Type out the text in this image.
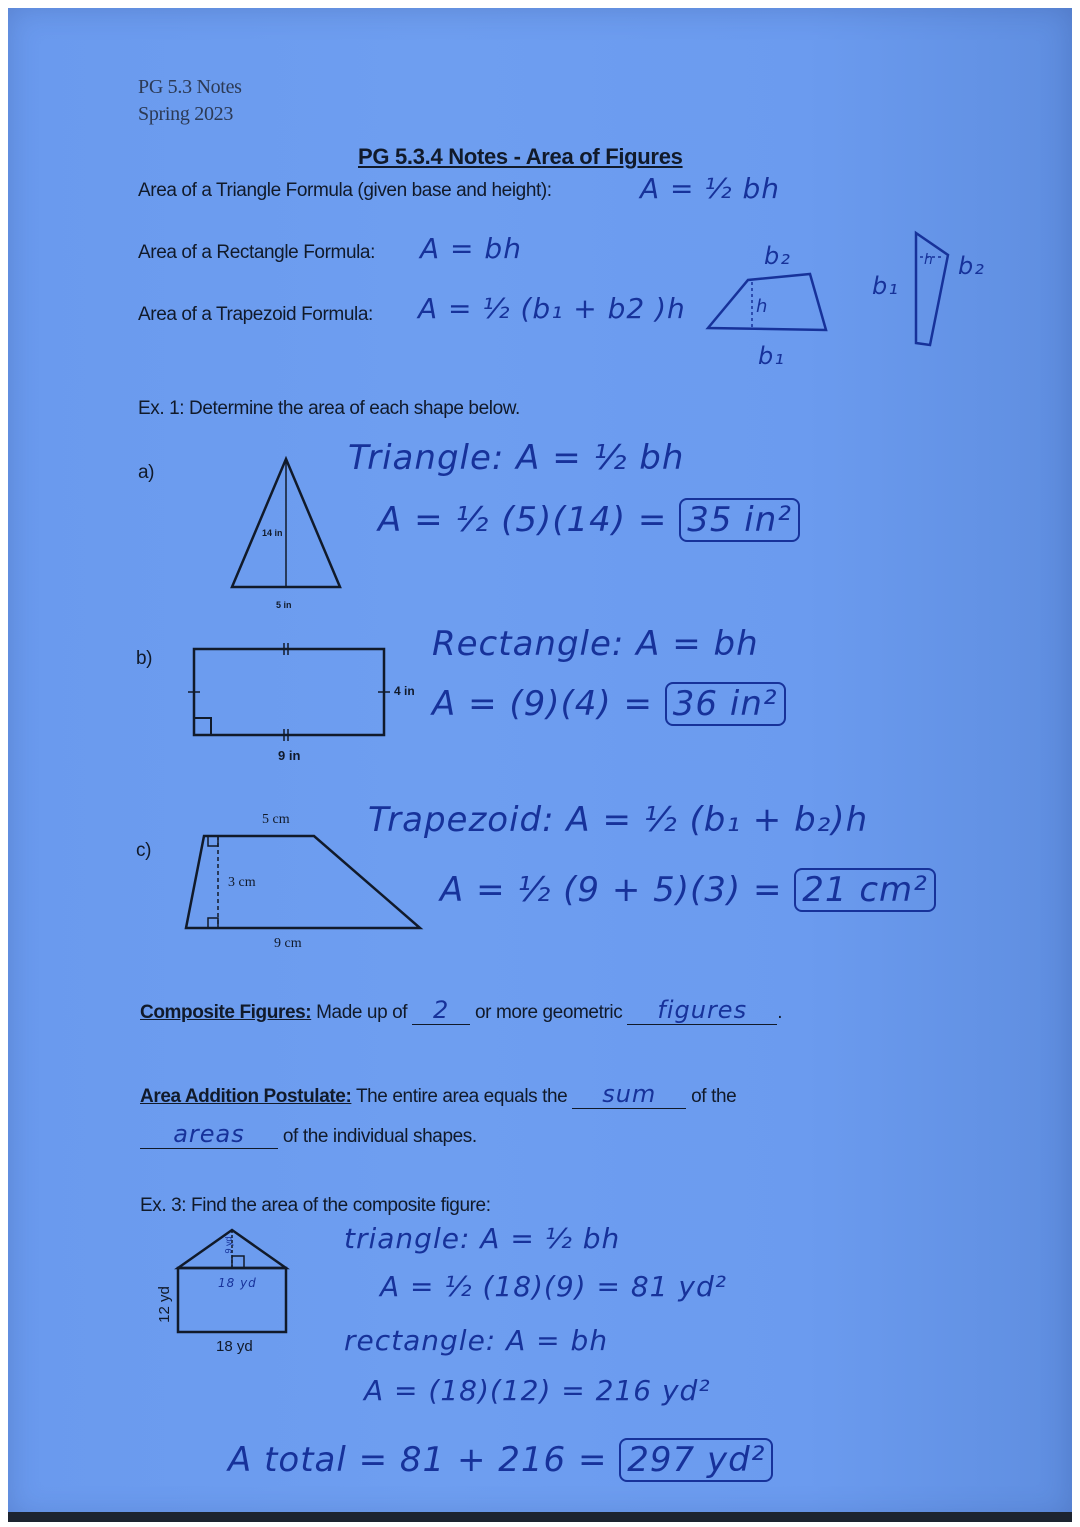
PG 5.3 Notes
Spring 2023
PG 5.3.4 Notes - Area of Figures
Area of a Triangle Formula (given base and height):	A = ½ bh
Area of a Rectangle Formula: A = bh
Area of a Trapezoid Formula: A = ½ (b₁ + b2 )h
b₂
h
b₁
b₁
h b₂
Ex. 1: Determine the area of each shape below.
a)
14 in
5 in
Triangle: A = ½ bh
A = ½ (5)(14) = 35 in²
b)
4 in
9 in
Rectangle: A = bh
A = (9)(4) = 36 in²
c)
5 cm
3 cm
9 cm
Trapezoid: A = ½ (b₁ + b₂)h
A = ½ (9 + 5)(3) = 21 cm²
Composite Figures: Made up of 2 or more geometric figures .
Area Addition Postulate: The entire area equals the sum of the
areas of the individual shapes.
Ex. 3: Find the area of the composite figure:
9 yd
18 yd
12 yd
18 yd
triangle: A = ½ bh
A = ½ (18)(9) = 81 yd²
rectangle: A = bh
A = (18)(12) = 216 yd²
A total = 81 + 216 = 297 yd²
